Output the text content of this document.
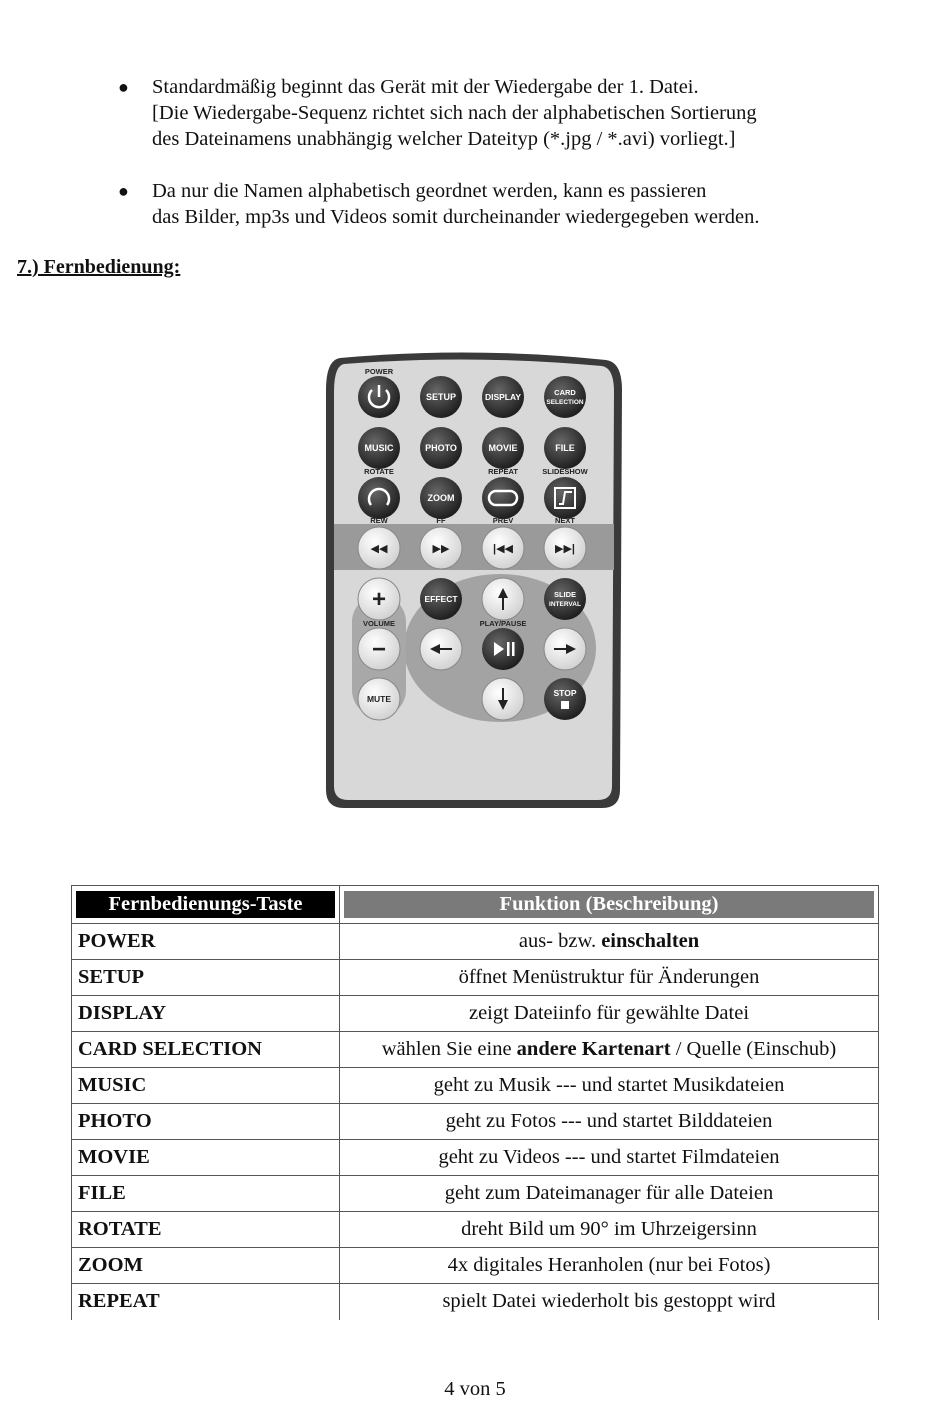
● Standardmäßig beginnt das Gerät mit der Wiedergabe der 1. Datei.
[Die Wiedergabe-Sequenz richtet sich nach der alphabetischen Sortierung
des Dateinamens unabhängig welcher Dateityp (*.jpg / *.avi) vorliegt.]
● Da nur die Namen alphabetisch geordnet werden, kann es passieren
das Bilder, mp3s und Videos somit durcheinander wiedergegeben werden.
7.) Fernbedienung:
POWER
SETUP	DISPLAY	CARD
SELECTION
MUSIC	PHOTO	MOVIE	FILE
ROTATE	REPEAT	SLIDESHOW
ZOOM
REW	FF	PREV	NEXT
◀◀	▶▶	|◀◀	▶▶|
+
VOLUME
EFFECT	SLIDE
INTERVAL
PLAY/PAUSE
−
MUTE
STOP
Fernbedienungs-Taste	Funktion (Beschreibung)

POWER	aus- bzw. einschalten
SETUP	öffnet Menüstruktur für Änderungen
DISPLAY	zeigt Dateiinfo für gewählte Datei
CARD SELECTION	wählen Sie eine andere Kartenart / Quelle (Einschub)
MUSIC	geht zu Musik --- und startet Musikdateien
PHOTO	geht zu Fotos --- und startet Bilddateien
MOVIE	geht zu Videos --- und startet Filmdateien
FILE	geht zum Dateimanager für alle Dateien
ROTATE	dreht Bild um 90° im Uhrzeigersinn
ZOOM	4x digitales Heranholen (nur bei Fotos)
REPEAT	spielt Datei wiederholt bis gestoppt wird
4 von 5
